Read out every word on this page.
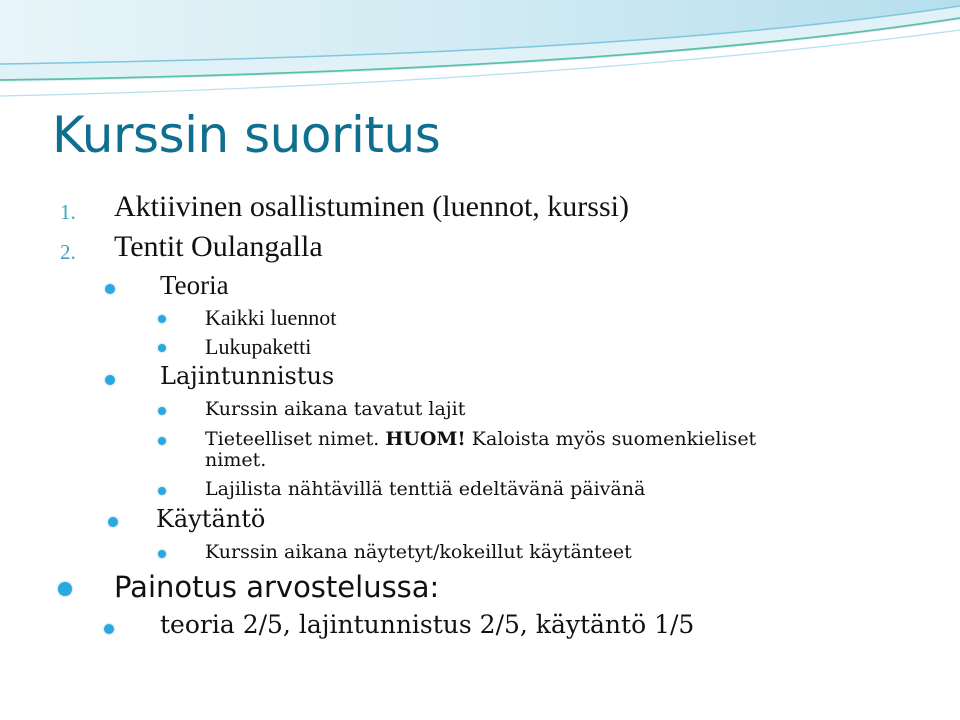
Kurssin suoritus
1. Aktiivinen osallistuminen (luennot, kurssi)
2. Tentit Oulangalla
Teoria
Kaikki luennot
Lukupaketti
Lajintunnistus
Kurssin aikana tavatut lajit
Tieteelliset nimet. HUOM! Kaloista myös suomenkieliset
nimet.
Lajilista nähtävillä tenttiä edeltävänä päivänä
Käytäntö
Kurssin aikana näytetyt/kokeillut käytänteet
Painotus arvostelussa:
teoria 2/5, lajintunnistus 2/5, käytäntö 1/5
